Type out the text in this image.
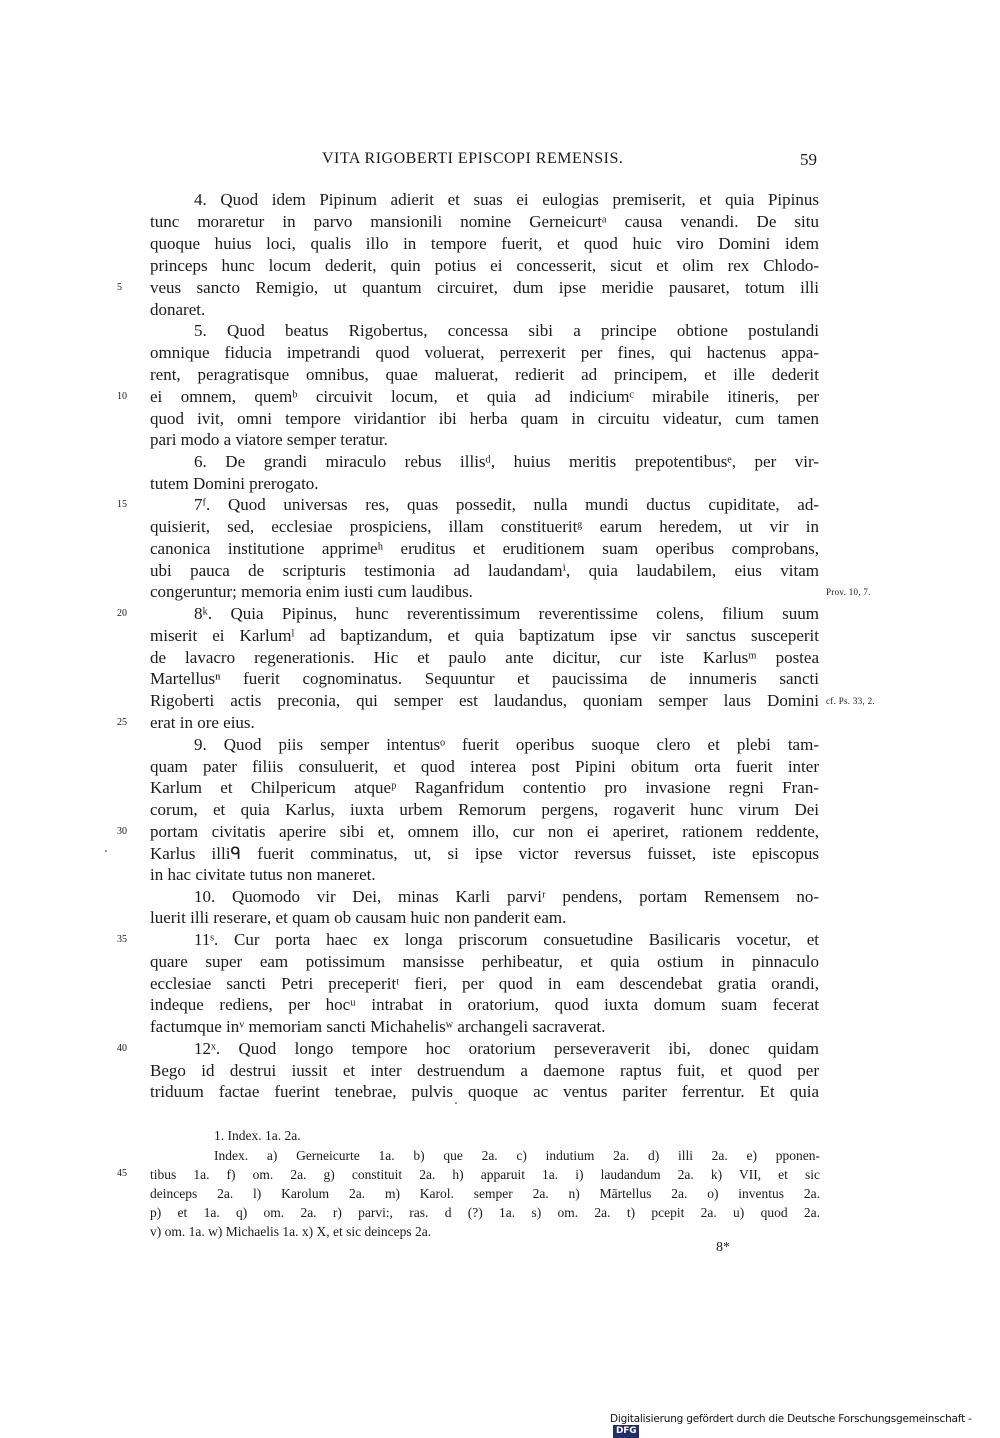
VITA RIGOBERTI EPISCOPI REMENSIS.	59
4. Quod idem Pipinum adierit et suas ei eulogias premiserit, et quia Pipinus
tunc moraretur in parvo mansionili nomine Gerneicurtᵃ causa venandi. De situ
quoque huius loci, qualis illo in tempore fuerit, et quod huic viro Domini idem
princeps hunc locum dederit, quin potius ei concesserit, sicut et olim rex Chlodo-
veus sancto Remigio, ut quantum circuiret, dum ipse meridie pausaret, totum illi
donaret.
5. Quod beatus Rigobertus, concessa sibi a principe obtione postulandi
omnique fiducia impetrandi quod voluerat, perrexerit per fines, qui hactenus appa-
rent, peragratisque omnibus, quae maluerat, redierit ad principem, et ille dederit
ei omnem, quemᵇ circuivit locum, et quia ad indiciumᶜ mirabile itineris, per
quod ivit, omni tempore viridantior ibi herba quam in circuitu videatur, cum tamen
pari modo a viatore semper teratur.
6. De grandi miraculo rebus illisᵈ, huius meritis prepotentibusᵉ, per vir-
tutem Domini prerogato.
7ᶠ. Quod universas res, quas possedit, nulla mundi ductus cupiditate, ad-
quisierit, sed, ecclesiae prospiciens, illam constituerit​ᵍ earum heredem, ut vir in
canonica institutione apprimeʰ eruditus et eruditionem suam operibus comprobans,
ubi pauca de scripturis testimonia ad laudandamⁱ, quia laudabilem, eius vitam
congeruntur; memoria enim iusti cum laudibus.
8ᵏ. Quia Pipinus, hunc reverentissimum reverentissime colens, filium suum
miserit ei Karlumˡ ad baptizandum, et quia baptizatum ipse vir sanctus susceperit
de lavacro regenerationis. Hic et paulo ante dicitur, cur iste Karlusᵐ postea
Martellusⁿ fuerit cognominatus. Sequuntur et paucissima de innumeris sancti
Rigoberti actis preconia, qui semper est laudandus, quoniam semper laus Domini
erat in ore eius.
9. Quod piis semper intentusᵒ fuerit operibus suoque clero et plebi tam-
quam pater filiis consuluerit, et quod interea post Pipini obitum orta fuerit inter
Karlum et Chilpericum atqueᵖ Raganfridum contentio pro invasione regni Fran-
corum, et quia Karlus, iuxta urbem Remorum pergens, rogaverit hunc virum Dei
portam civitatis aperire sibi et, omnem illo, cur non ei aperiret, rationem reddente,
Karlus illiᑫ fuerit comminatus, ut, si ipse victor reversus fuisset, iste episcopus
in hac civitate tutus non maneret.
10. Quomodo vir Dei, minas Karli parviʳ pendens, portam Remensem no-
luerit illi reserare, et quam ob causam huic non panderit eam.
11ˢ. Cur porta haec ex longa priscorum consuetudine Basilicaris vocetur, et
quare super eam potissimum mansisse perhibeatur, et quia ostium in pinnaculo
ecclesiae sancti Petri preceperitᵗ fieri, per quod in eam descendebat gratia orandi,
indeque rediens, per hocᵘ intrabat in oratorium, quod iuxta domum suam fecerat
factumque inᵛ memoriam sancti Michahelisʷ archangeli sacraverat.
12ˣ. Quod longo tempore hoc oratorium perseveraverit ibi, donec quidam
Bego id destrui iussit et inter destruendum a daemone raptus fuit, et quod per
triduum factae fuerint tenebrae, pulvis quoque ac ventus pariter ferrentur. Et quia
5
10
15
20
25
30
35
40
Prov. 10, 7.
cf. Ps. 33, 2.
1. Index. 1a. 2a.
Index. a) Gerneicurte 1a. b) que 2a. c) indutium 2a. d) illi 2a. e) pponen-
tibus 1a. f) om. 2a. g) constituit 2a. h) apparuit 1a. i) laudandum 2a. k) VII, et sic
deinceps 2a. l) Karolum 2a. m) Karol. semper 2a. n) Mārtellus 2a. o) inventus 2a.
p) et 1a. q) om. 2a. r) parvi:, ras. d (?) 1a. s) om. 2a. t) pcepit 2a. u) quod 2a.
v) om. 1a. w) Michaelis 1a. x) X, et sic deinceps 2a.
45
8*
Digitalisierung gefördert durch die Deutsche Forschungsgemeinschaft -DFG
